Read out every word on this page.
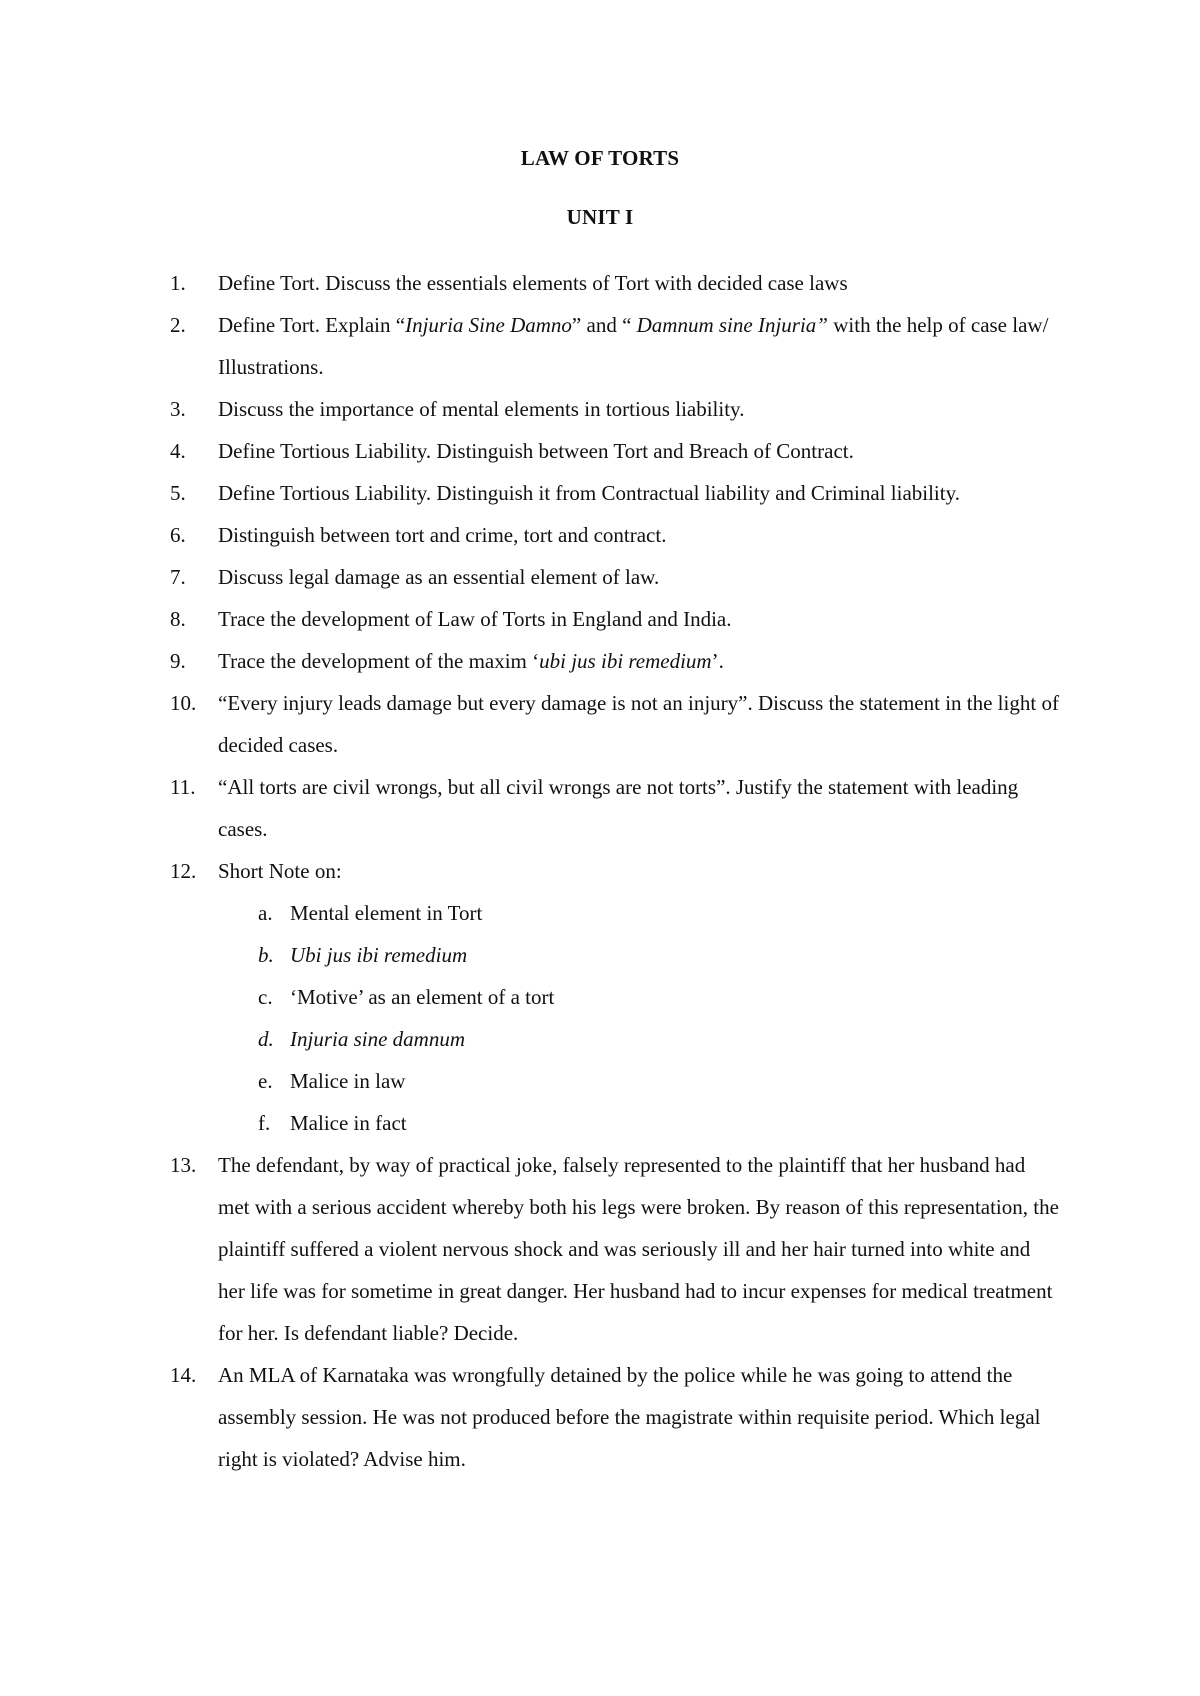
LAW OF TORTS
UNIT I
1.	Define Tort. Discuss the essentials elements of Tort with decided case laws
2.	Define Tort. Explain “Injuria Sine Damno” and “ Damnum sine Injuria” with the help of case law/ Illustrations.
3.	Discuss the importance of mental elements in tortious liability.
4.	Define Tortious Liability. Distinguish between Tort and Breach of Contract.
5.	Define Tortious Liability. Distinguish it from Contractual liability and Criminal liability.
6.	Distinguish between tort and crime, tort and contract.
7.	Discuss legal damage as an essential element of law.
8.	Trace the development of Law of Torts in England and India.
9.	Trace the development of the maxim ‘ubi jus ibi remedium’.
10.	“Every injury leads damage but every damage is not an injury”. Discuss the statement in the light of decided cases.
11.	“All torts are civil wrongs, but all civil wrongs are not torts”. Justify the statement with leading cases.
12.	Short Note on:
a. Mental element in Tort
b. Ubi jus ibi remedium
c. ‘Motive’ as an element of a tort
d. Injuria sine damnum
e. Malice in law
f. Malice in fact
13.	The defendant, by way of practical joke, falsely represented to the plaintiff that her husband had met with a serious accident whereby both his legs were broken. By reason of this representation, the plaintiff suffered a violent nervous shock and was seriously ill and her hair turned into white and her life was for sometime in great danger. Her husband had to incur expenses for medical treatment for her. Is defendant liable? Decide.
14.	An MLA of Karnataka was wrongfully detained by the police while he was going to attend the assembly session. He was not produced before the magistrate within requisite period. Which legal right is violated? Advise him.
